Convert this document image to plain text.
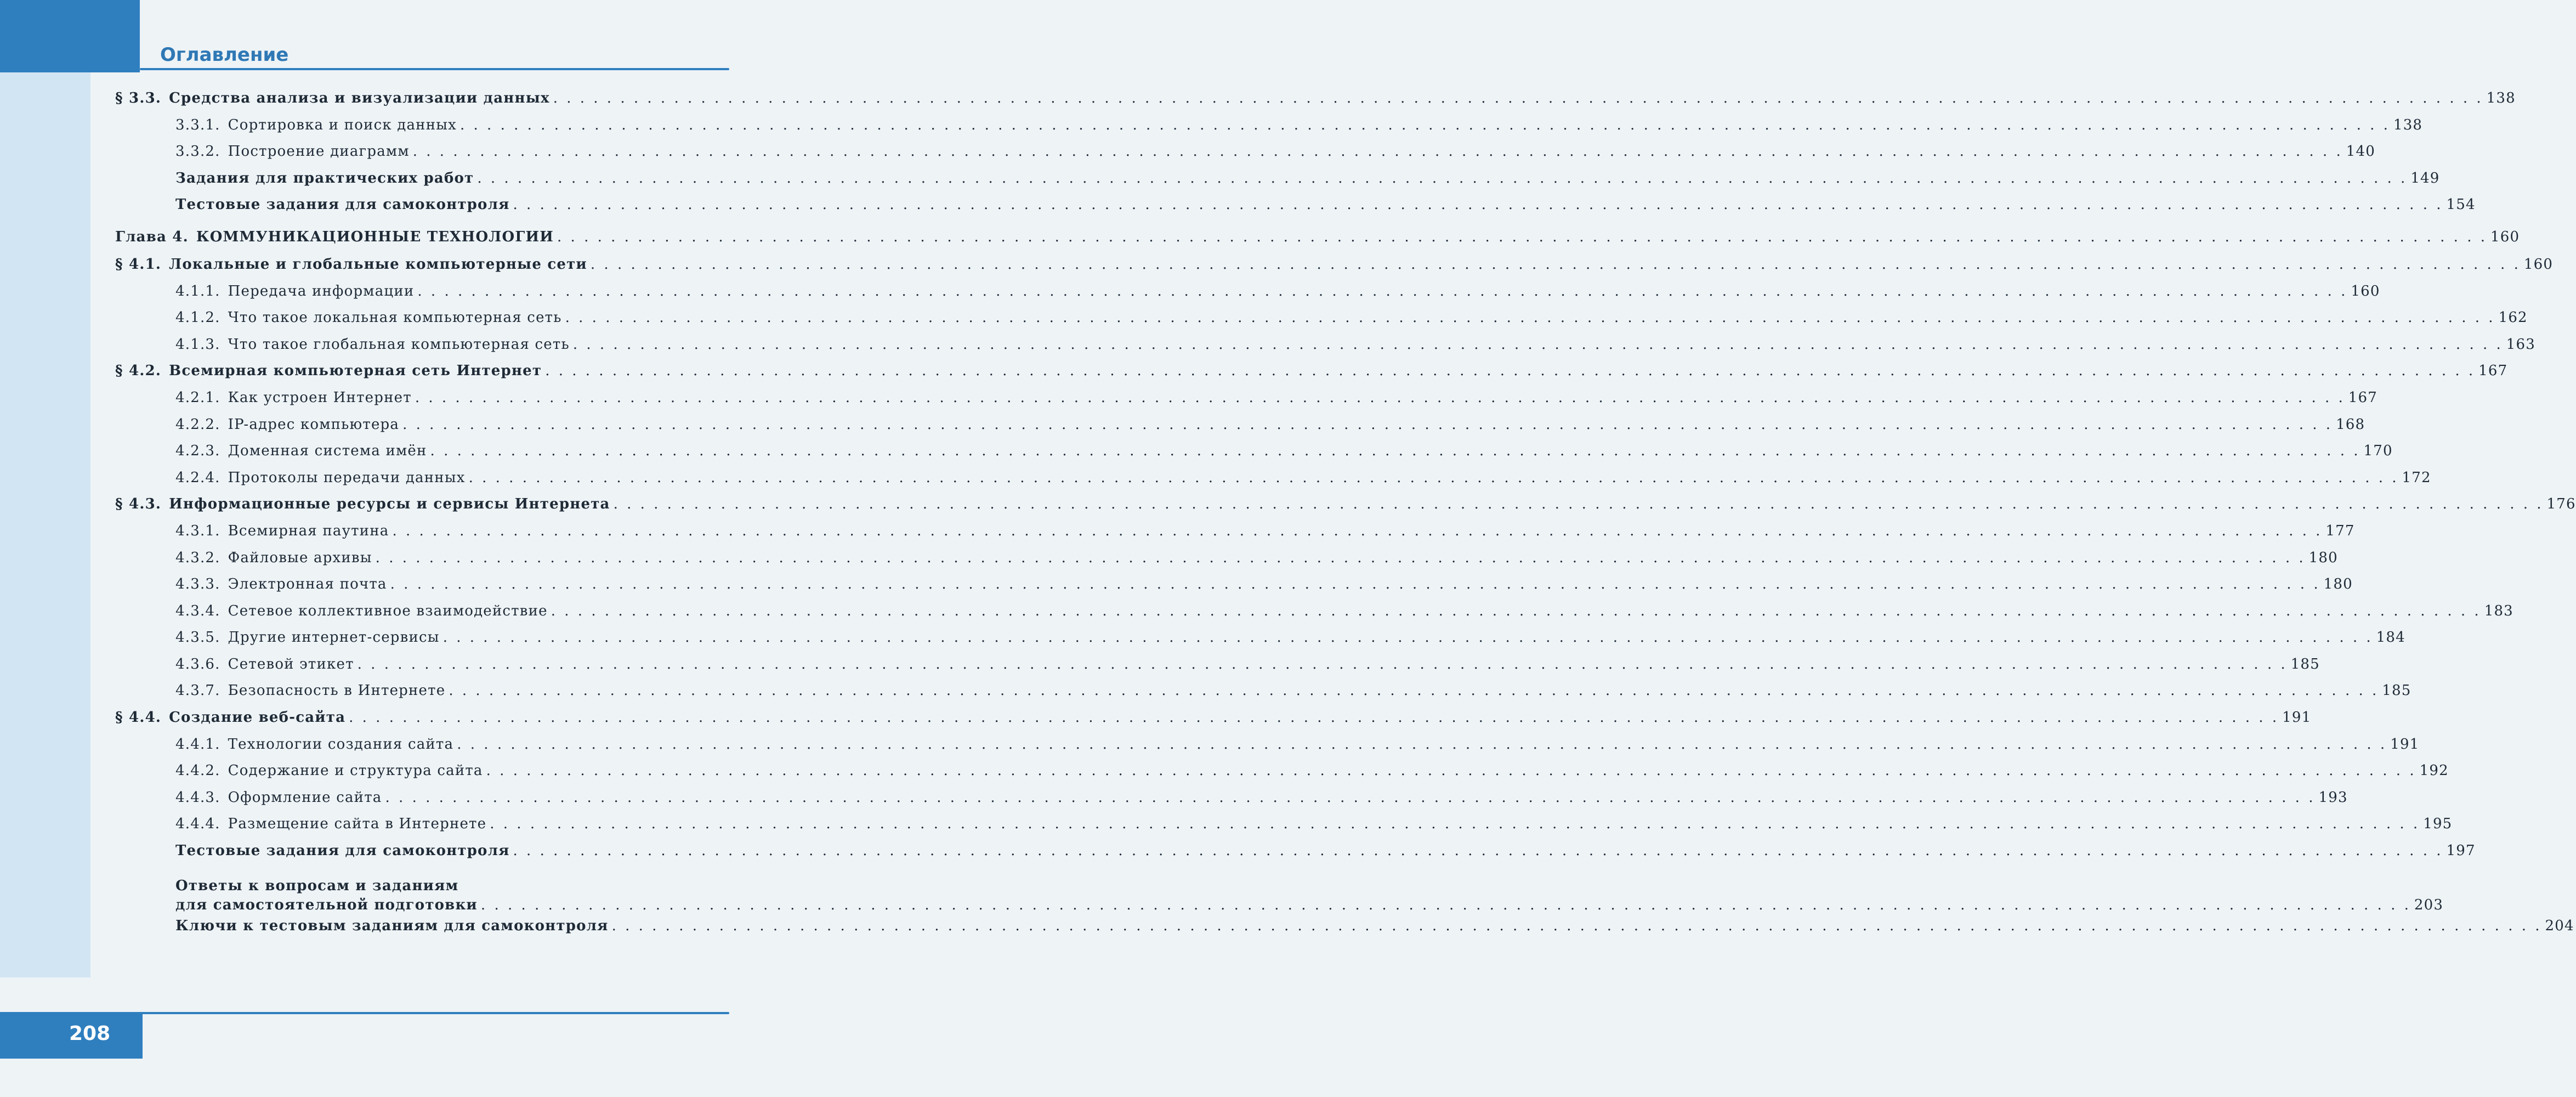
Оглавление
§ 3.3. Средства анализа и визуализации данных . . .	138
3.3.1. Сортировка и поиск данных . . .	138
3.3.2. Построение диаграмм . . .	140
Задания для практических работ . . .	149
Тестовые задания для самоконтроля . . .	154
Глава 4. КОММУНИКАЦИОННЫЕ ТЕХНОЛОГИИ . . .	160
§ 4.1. Локальные и глобальные компьютерные сети . . .	160
4.1.1. Передача информации . . .	160
4.1.2. Что такое локальная компьютерная сеть . . .	162
4.1.3. Что такое глобальная компьютерная сеть . . .	163
§ 4.2. Всемирная компьютерная сеть Интернет . . .	167
4.2.1. Как устроен Интернет . . .	167
4.2.2. IP-адрес компьютера . . .	168
4.2.3. Доменная система имён . . .	170
4.2.4. Протоколы передачи данных . . .	172
§ 4.3. Информационные ресурсы и сервисы Интернета . . .	176
4.3.1. Всемирная паутина . . .	177
4.3.2. Файловые архивы . . .	180
4.3.3. Электронная почта . . .	180
4.3.4. Сетевое коллективное взаимодействие . . .	183
4.3.5. Другие интернет-сервисы . . .	184
4.3.6. Сетевой этикет . . .	185
4.3.7. Безопасность в Интернете . . .	185
§ 4.4. Создание веб-сайта . . .	191
4.4.1. Технологии создания сайта . . .	191
4.4.2. Содержание и структура сайта . . .	192
4.4.3. Оформление сайта . . .	193
4.4.4. Размещение сайта в Интернете . . .	195
Тестовые задания для самоконтроля . . .	197
Ответы к вопросам и заданиям
для самостоятельной подготовки . . .	203
Ключи к тестовым заданиям для самоконтроля . . .	204
208
